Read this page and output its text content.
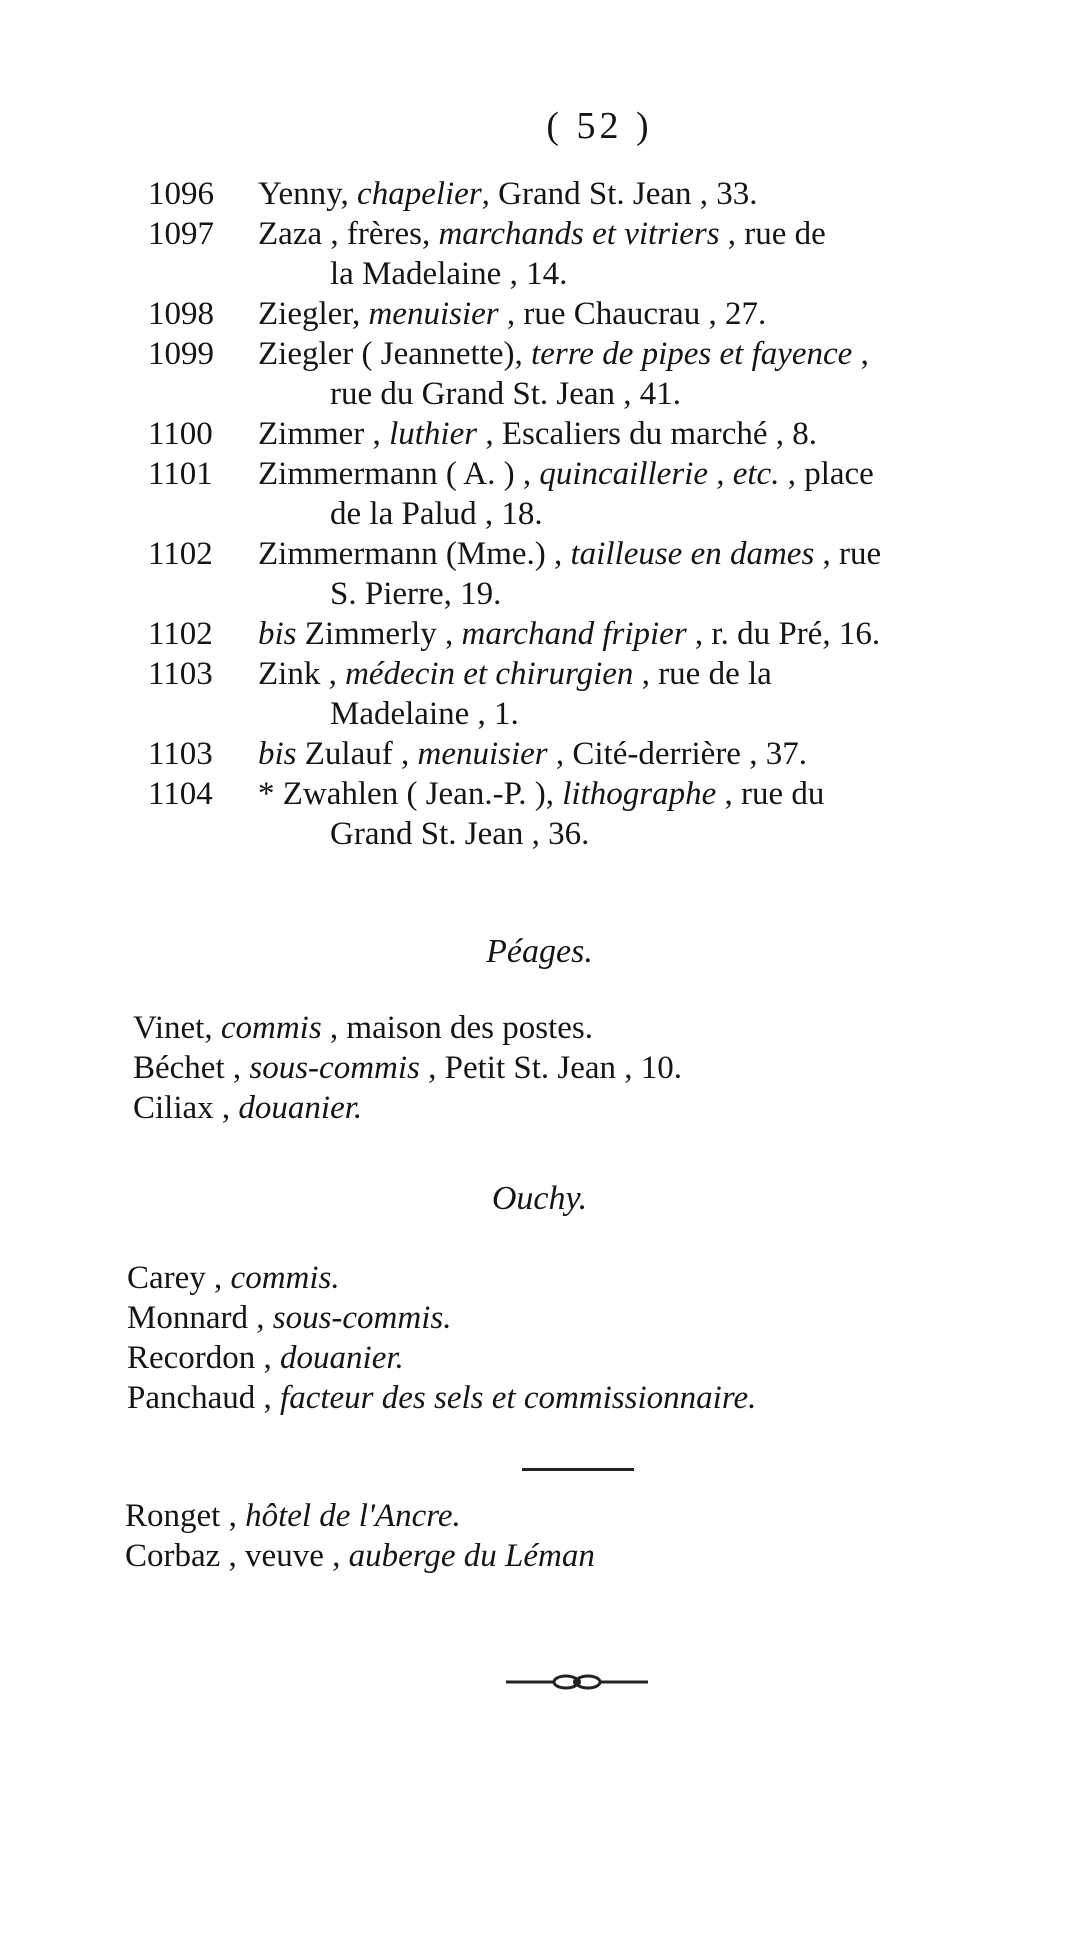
( 52 )
1096	Yenny, chapelier, Grand St. Jean , 33.
1097	Zaza , frères, marchands et vitriers , rue de
la Madelaine , 14.
1098	Ziegler, menuisier , rue Chaucrau , 27.
1099	Ziegler ( Jeannette), terre de pipes et fayence ,
rue du Grand St. Jean , 41.
1100	Zimmer , luthier , Escaliers du marché , 8.
1101	Zimmermann ( A. ) , quincaillerie , etc. , place
de la Palud , 18.
1102	Zimmermann (Mme.) , tailleuse en dames , rue
S. Pierre, 19.
1102	bis Zimmerly , marchand fripier , r. du Pré, 16.
1103	Zink , médecin et chirurgien , rue de la
Madelaine , 1.
1103	bis Zulauf , menuisier , Cité-derrière , 37.
1104	* Zwahlen ( Jean.-P. ), lithographe , rue du
Grand St. Jean , 36.
Péages.
Vinet, commis , maison des postes.
Béchet , sous-commis , Petit St. Jean , 10.
Ciliax , douanier.
Ouchy.
Carey , commis.
Monnard , sous-commis.
Recordon , douanier.
Panchaud , facteur des sels et commissionnaire.
Ronget , hôtel de l'Ancre.
Corbaz , veuve , auberge du Léman
